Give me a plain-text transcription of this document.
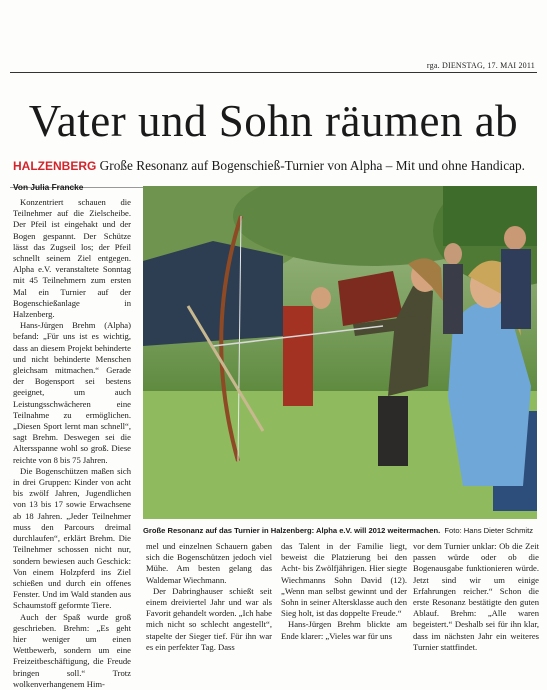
rga. DIENSTAG, 17. MAI 2011
Vater und Sohn räumen ab
HALZENBERG Große Resonanz auf Bogenschieß-Turnier von Alpha – Mit und ohne Handicap.
Von Julia Francke

Konzentriert schauen die Teilnehmer auf die Zielscheibe. Der Pfeil ist eingehakt und der Bogen gespannt. Der Schütze lässt das Zugseil los; der Pfeil schnellt seinem Ziel entgegen. Alpha e.V. veranstaltete Sonntag mit 45 Teilnehmern zum ersten Mal ein Turnier auf der Bogenschießanlage in Halzenberg.

Hans-Jürgen Brehm (Alpha) befand: „Für uns ist es wichtig, dass an diesem Projekt behinderte und nicht behinderte Menschen gleichsam mitmachen.“ Gerade der Bogensport sei bestens geeignet, um auch Leistungsschwächeren eine Teilnahme zu ermöglichen. „Diesen Sport lernt man schnell“, sagt Brehm. Deswegen sei die Altersspanne wohl so groß. Diese reichte von 8 bis 75 Jahren.

Die Bogenschützen maßen sich in drei Gruppen: Kinder von acht bis zwölf Jahren, Jugendlichen von 13 bis 17 sowie Erwachsene ab 18 Jahren. „Jeder Teilnehmer muss den Parcours dreimal durchlaufen“, erklärt Brehm. Die Teilnehmer schossen nicht nur, sondern bewiesen auch Geschick: Von einem Holzpferd ins Ziel schießen und durch ein offenes Fenster. Und im Wald standen aus Schaumstoff geformte Tiere.

Auch der Spaß wurde groß geschrieben. Brehm: „Es geht hier weniger um einen Wettbewerb, sondern um eine Freizeitbeschäftigung, die Freude bringen soll.“ Trotz wolkenverhangenem Him-

Große Resonanz auf das Turnier in Halzenberg: Alpha e.V. will 2012 weitermachen. Foto: Hans Dieter Schmitz

mel und einzelnen Schauern gaben sich die Bogenschützen jedoch viel Mühe. Am besten gelang das Waldemar Wiechmann.

Der Dabringhauser schießt seit einem dreiviertel Jahr und war als Favorit gehandelt worden. „Ich habe mich nicht so schlecht angestellt“, stapelte der Sieger tief. Für ihn war es ein perfekter Tag. Dass

das Talent in der Familie liegt, beweist die Platzierung bei den Acht- bis Zwölfjährigen. Hier siegte Wiechmanns Sohn David (12). „Wenn man selbst gewinnt und der Sohn in seiner Altersklasse auch den Sieg holt, ist das doppelte Freude.“

Hans-Jürgen Brehm blickte am Ende klarer: „Vieles war für uns

vor dem Turnier unklar: Ob die Zeit passen würde oder ob die Bogenausgabe funktionieren würde. Jetzt sind wir um einige Erfahrungen reicher.“ Schon die erste Resonanz bestätigte den guten Ablauf. Brehm: „Alle waren begeistert.“ Deshalb sei für ihn klar, dass im nächsten Jahr ein weiteres Turnier stattfindet.
